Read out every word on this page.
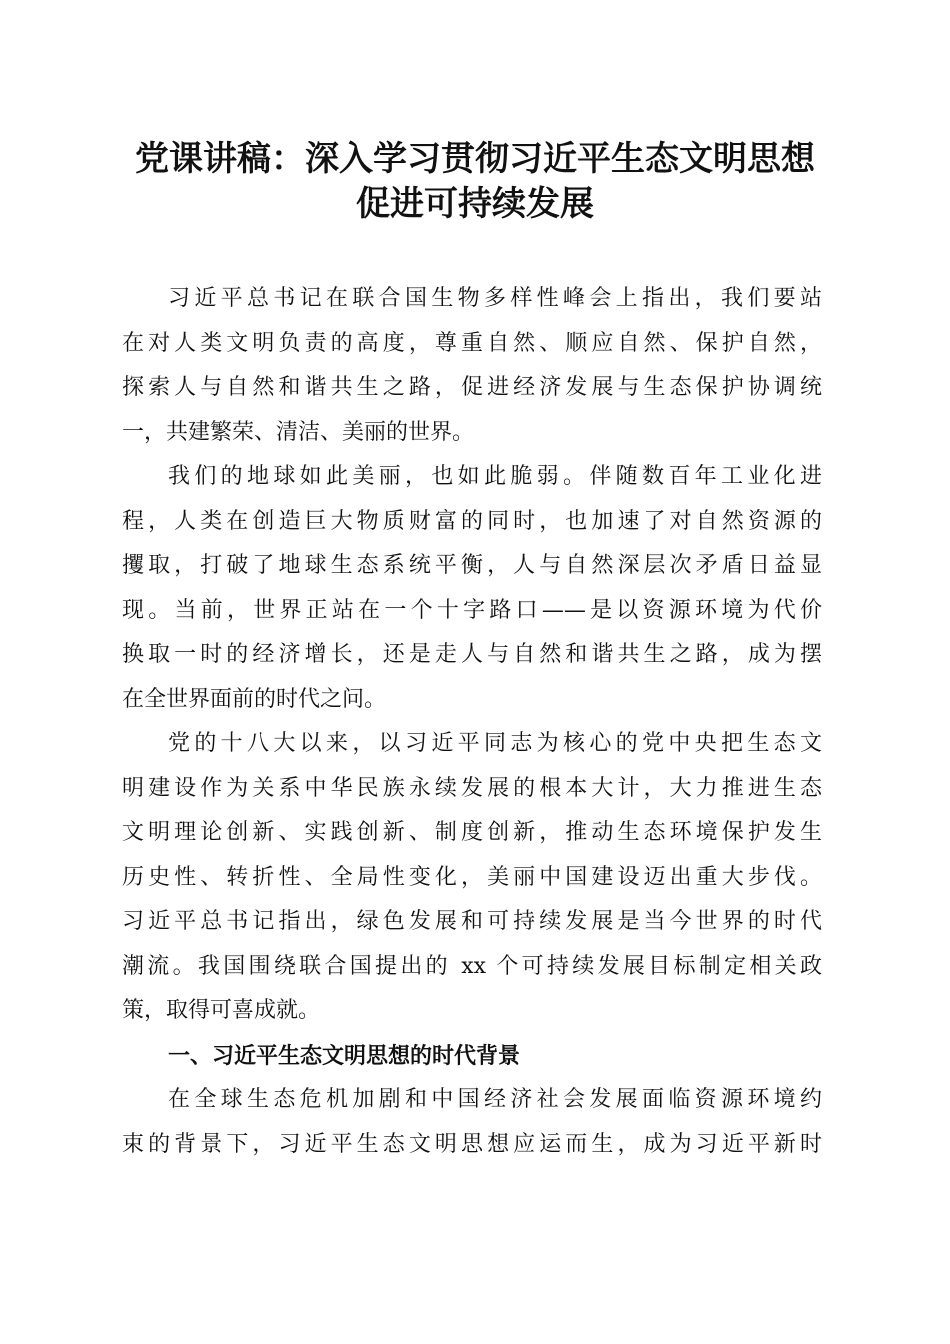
党课讲稿：深入学习贯彻习近平生态文明思想
促进可持续发展
习近平总书记在联合国生物多样性峰会上指出，我们要站
在对人类文明负责的高度，尊重自然、顺应自然、保护自然，
探索人与自然和谐共生之路，促进经济发展与生态保护协调统
一，共建繁荣、清洁、美丽的世界。
我们的地球如此美丽，也如此脆弱。伴随数百年工业化进
程，人类在创造巨大物质财富的同时，也加速了对自然资源的
攫取，打破了地球生态系统平衡，人与自然深层次矛盾日益显
现。当前，世界正站在一个十字路口——是以资源环境为代价
换取一时的经济增长，还是走人与自然和谐共生之路，成为摆
在全世界面前的时代之问。
党的十八大以来，以习近平同志为核心的党中央把生态文
明建设作为关系中华民族永续发展的根本大计，大力推进生态
文明理论创新、实践创新、制度创新，推动生态环境保护发生
历史性、转折性、全局性变化，美丽中国建设迈出重大步伐。
习近平总书记指出，绿色发展和可持续发展是当今世界的时代
潮流。我国围绕联合国提出的 xx 个可持续发展目标制定相关政
策，取得可喜成就。
一、习近平生态文明思想的时代背景
在全球生态危机加剧和中国经济社会发展面临资源环境约
束的背景下，习近平生态文明思想应运而生，成为习近平新时
